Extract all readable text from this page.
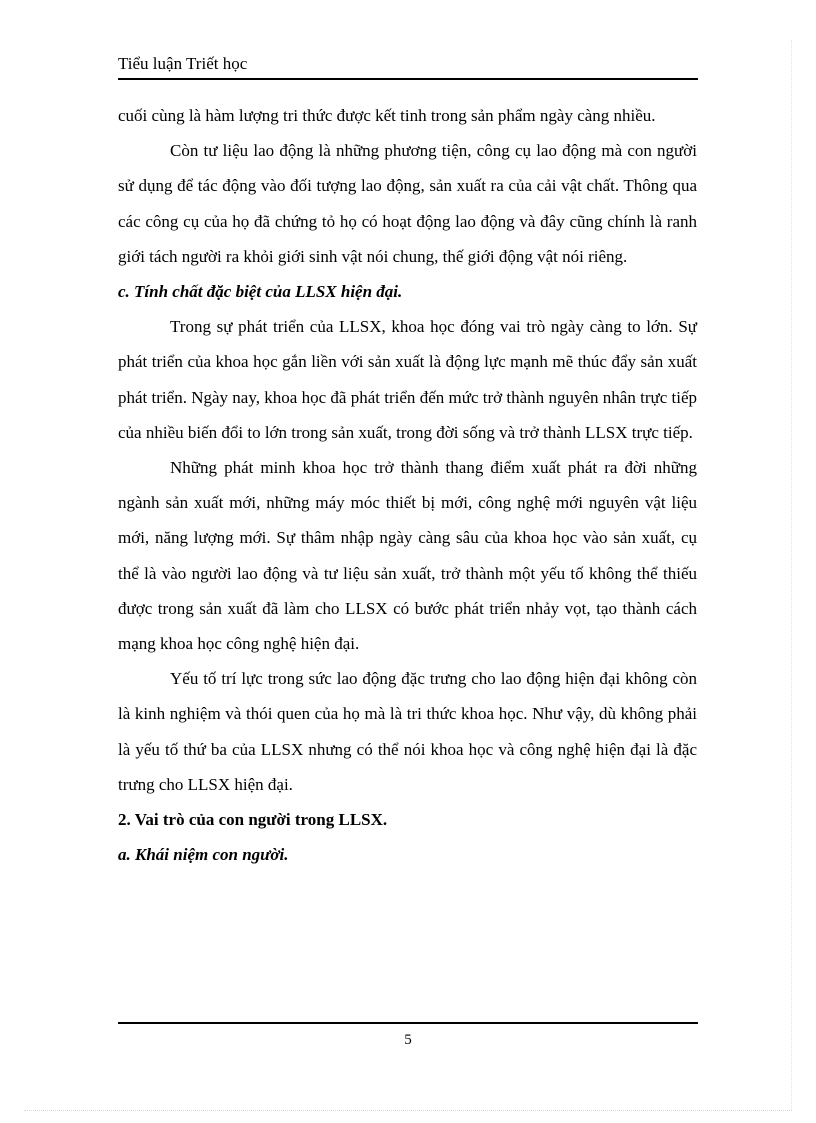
Tiểu luận Triết học

cuối cùng là hàm lượng tri thức được kết tinh trong sản phẩm ngày càng nhiều.

Còn tư liệu lao động là những phương tiện, công cụ lao động mà con người sử dụng để tác động vào đối tượng lao động, sản xuất ra của cải vật chất. Thông qua các công cụ của họ đã chứng tỏ họ có hoạt động lao động và đây cũng chính là ranh giới tách người ra khỏi giới sinh vật nói chung, thế giới động vật nói riêng.

c. Tính chất đặc biệt của LLSX hiện đại.

Trong sự phát triển của LLSX, khoa học đóng vai trò ngày càng to lớn. Sự phát triển của khoa học gắn liền với sản xuất là động lực mạnh mẽ thúc đẩy sản xuất phát triển. Ngày nay, khoa học đã phát triển đến mức trở thành nguyên nhân trực tiếp của nhiều biến đổi to lớn trong sản xuất, trong đời sống và trở thành LLSX trực tiếp.

Những phát minh khoa học trở thành thang điểm xuất phát ra đời những ngành sản xuất mới, những máy móc thiết bị mới, công nghệ mới nguyên vật liệu mới, năng lượng mới. Sự thâm nhập ngày càng sâu của khoa học vào sản xuất, cụ thể là vào người lao động và tư liệu sản xuất, trở thành một yếu tố không thể thiếu được trong sản xuất đã làm cho LLSX có bước phát triển nhảy vọt, tạo thành cách mạng khoa học công nghệ hiện đại.

Yếu tố trí lực trong sức lao động đặc trưng cho lao động hiện đại không còn là kinh nghiệm và thói quen của họ mà là tri thức khoa học. Như vậy, dù không phải là yếu tố thứ ba của LLSX nhưng có thể nói khoa học và công nghệ hiện đại là đặc trưng cho LLSX hiện đại.

2. Vai trò của con người trong LLSX.

a. Khái niệm con người.

5
